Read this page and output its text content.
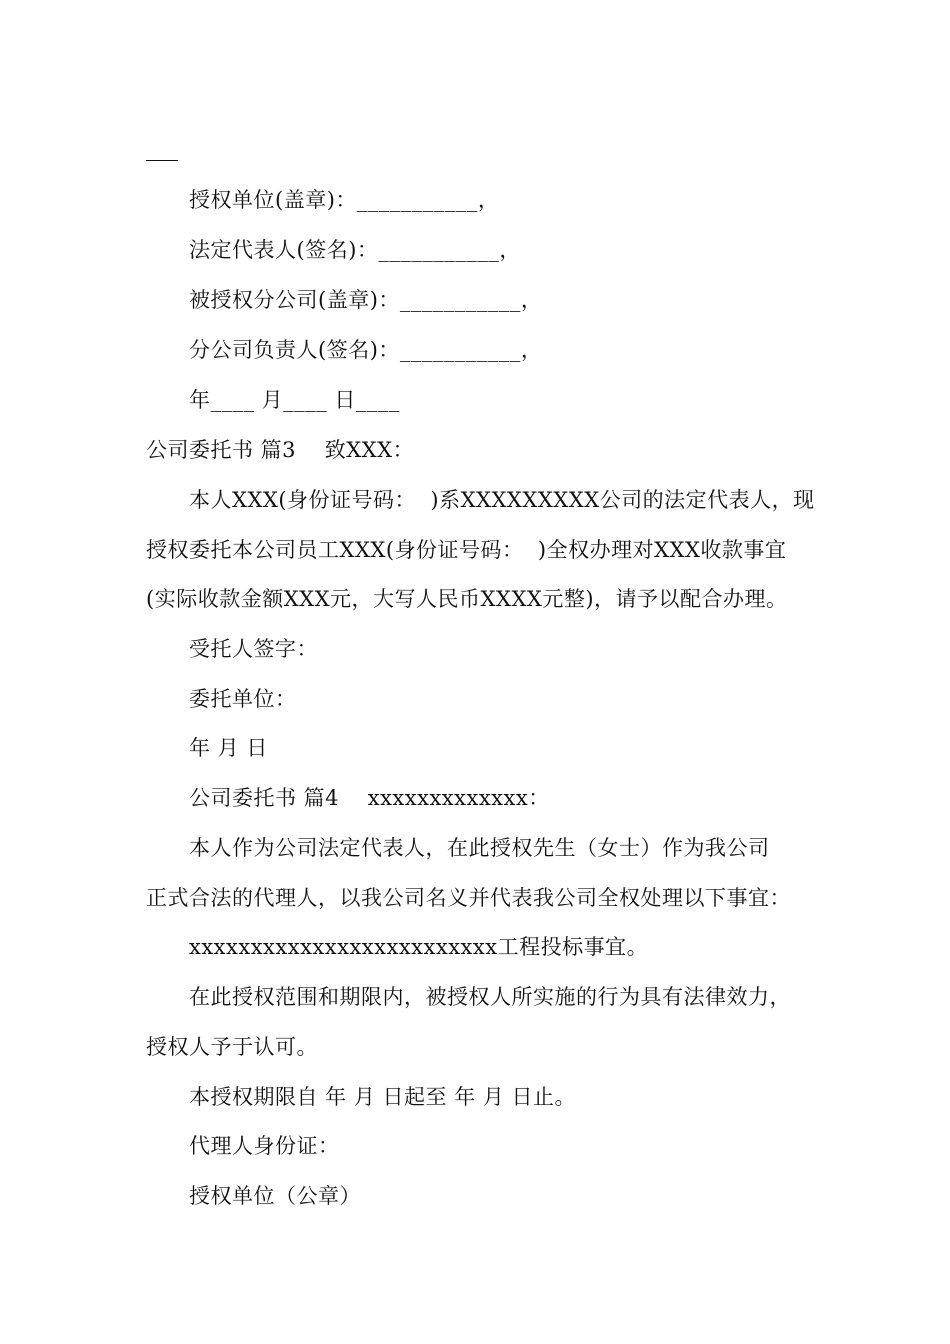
授权单位(盖章)：___________，
法定代表人(签名)：___________，
被授权分公司(盖章)：___________，
分公司负责人(签名)：___________，
年____ 月____ 日____
公司委托书 篇3    致XXX：
本人XXX(身份证号码：  )系XXXXXXXXX公司的法定代表人，现
授权委托本公司员工XXX(身份证号码：  )全权办理对XXX收款事宜
(实际收款金额XXX元，大写人民币XXXX元整)，请予以配合办理。
受托人签字：
委托单位：
年 月 日
公司委托书 篇4    xxxxxxxxxxxxx：
本人作为公司法定代表人，在此授权先生（女士）作为我公司
正式合法的代理人，以我公司名义并代表我公司全权处理以下事宜：
xxxxxxxxxxxxxxxxxxxxxxxxx工程投标事宜。
在此授权范围和期限内，被授权人所实施的行为具有法律效力，
授权人予于认可。
本授权期限自 年 月 日起至 年 月 日止。
代理人身份证：
授权单位（公章）
